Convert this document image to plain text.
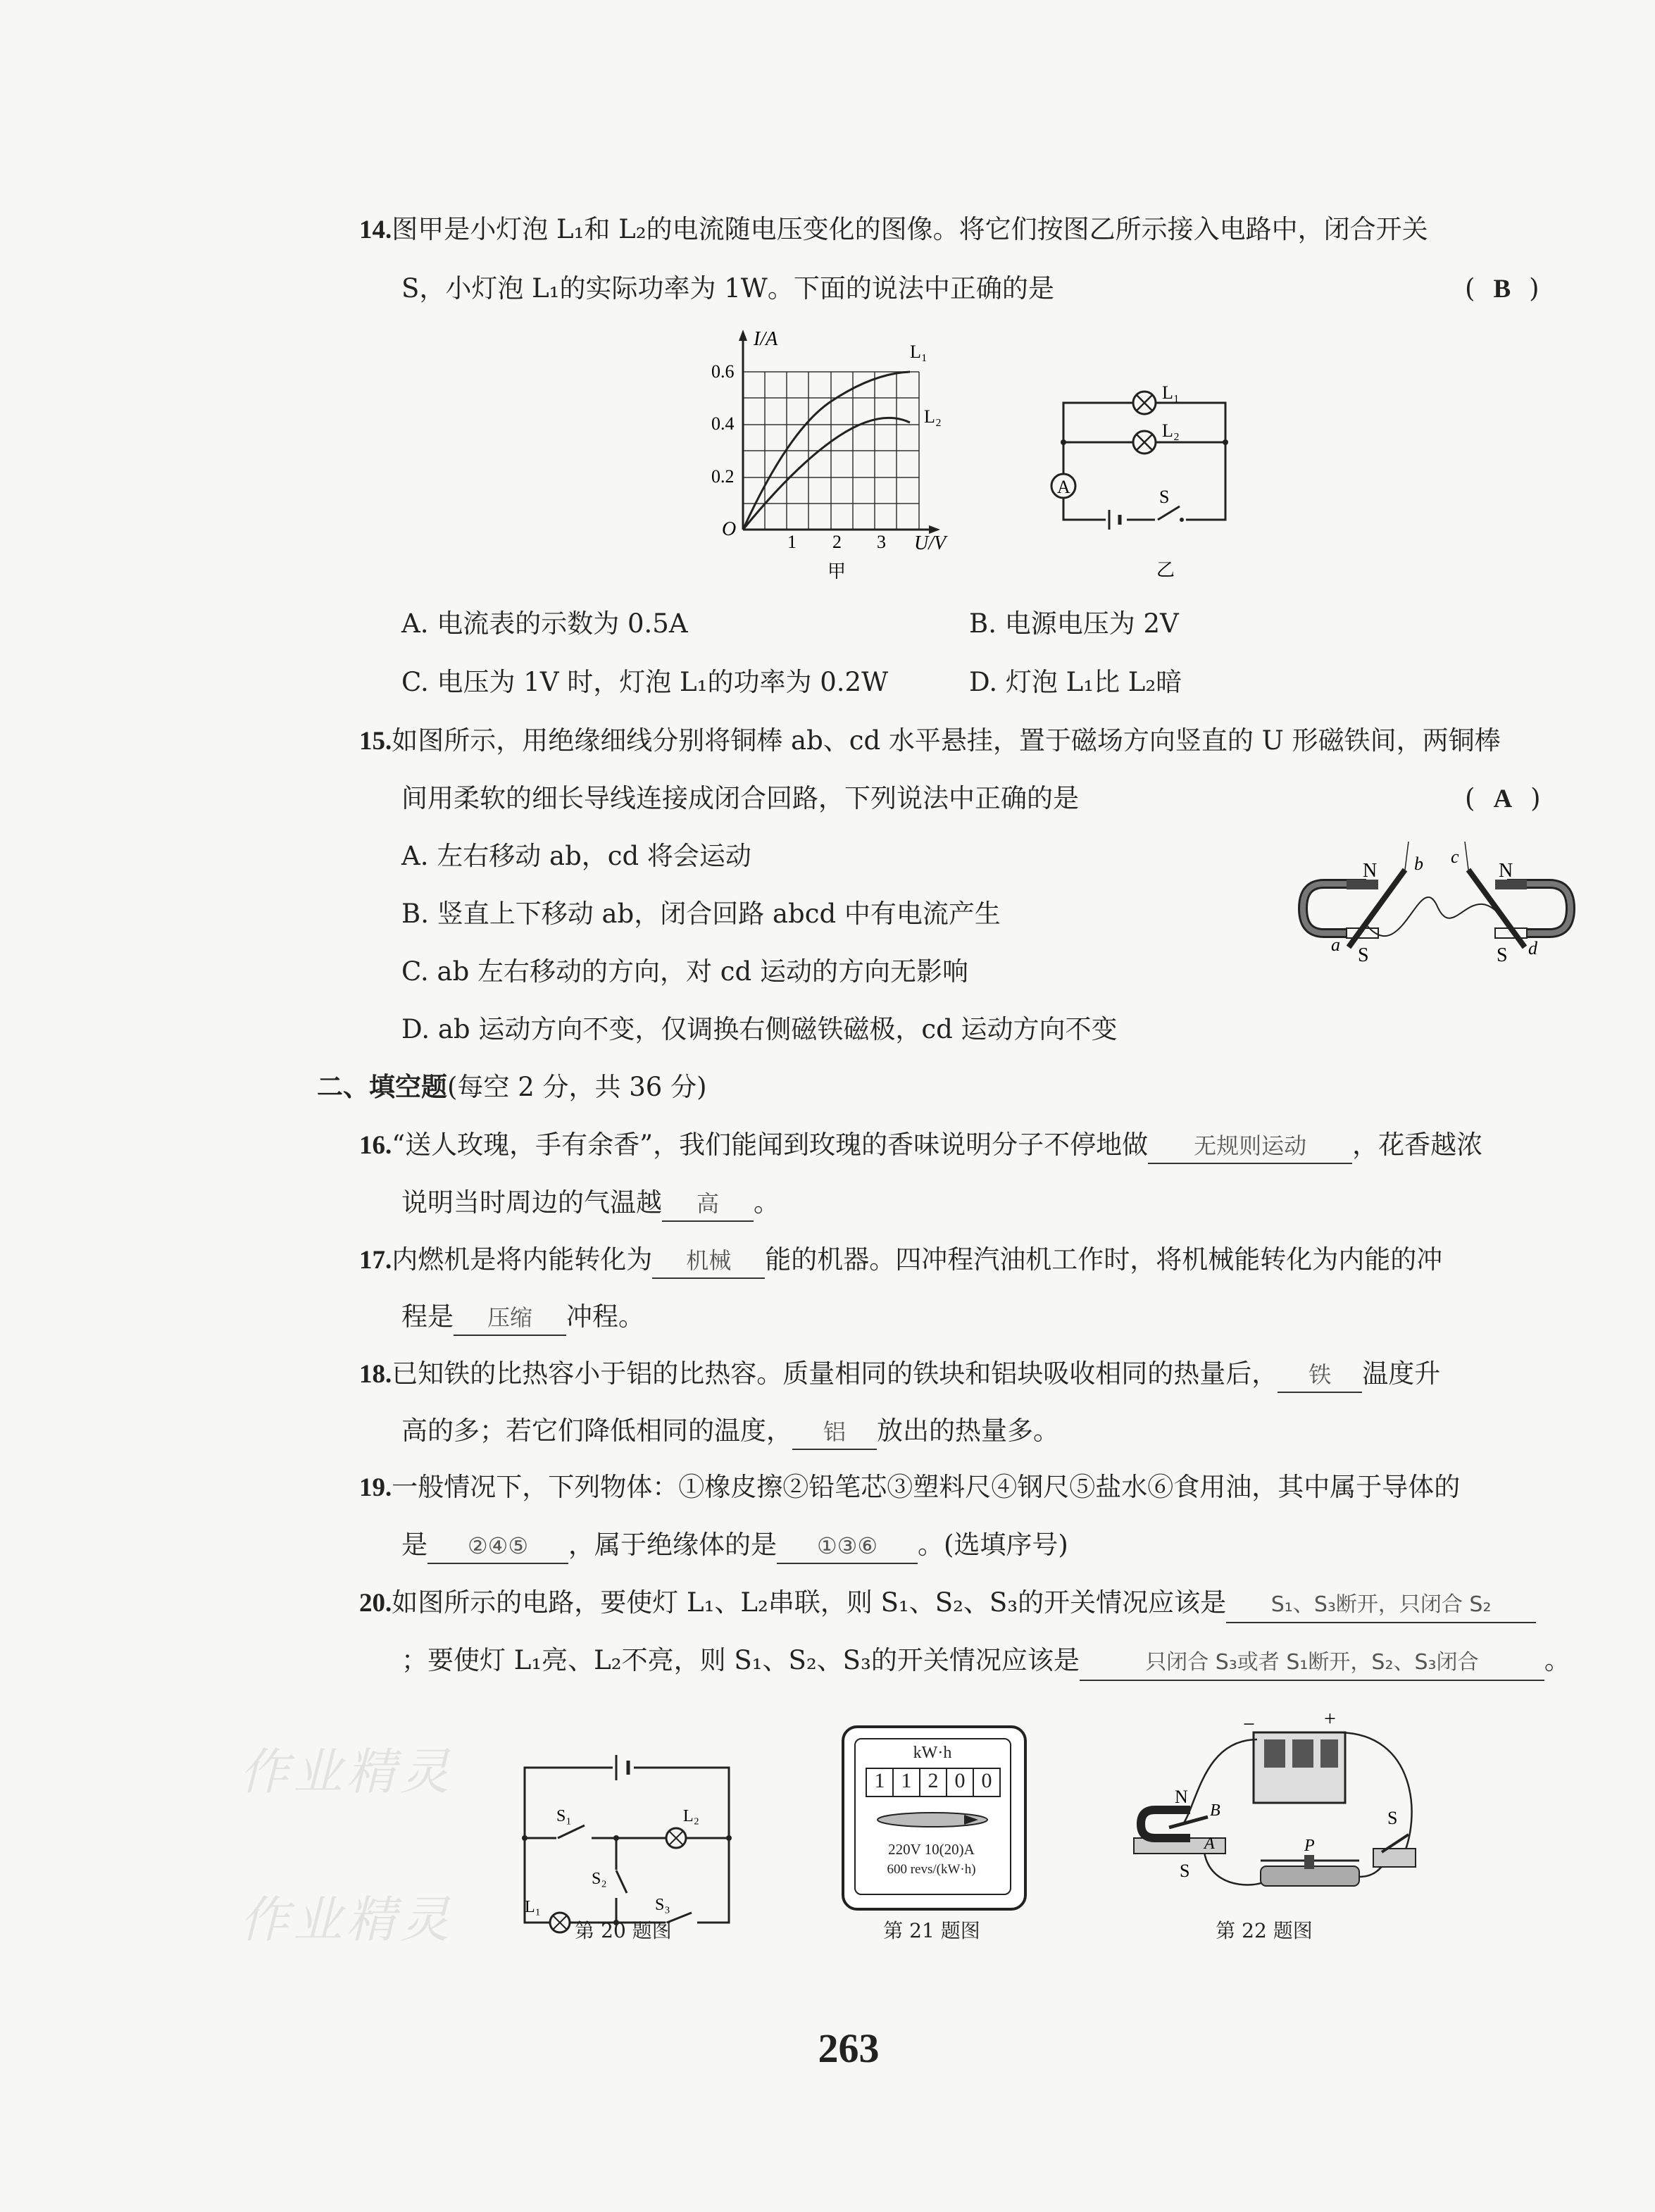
作业精灵
作业精灵
14.图甲是小灯泡 L₁和 L₂的电流随电压变化的图像。将它们按图乙所示接入电路中，闭合开关
S，小灯泡 L₁的实际功率为 1W。下面的说法中正确的是	( B )
I/A
0.6
0.4
0.2
O
1 2 3 U/V
L₁
L₂
甲
A
L₁
L₂
S
乙
A. 电流表的示数为 0.5A	B. 电源电压为 2V
C. 电压为 1V 时，灯泡 L₁的功率为 0.2W	D. 灯泡 L₁比 L₂暗
15.如图所示，用绝缘细线分别将铜棒 ab、cd 水平悬挂，置于磁场方向竖直的 U 形磁铁间，两铜棒
间用柔软的细长导线连接成闭合回路，下列说法中正确的是	( A )
A. 左右移动 ab，cd 将会运动
B. 竖直上下移动 ab，闭合回路 abcd 中有电流产生
C. ab 左右移动的方向，对 cd 运动的方向无影响
D. ab 运动方向不变，仅调换右侧磁铁磁极，cd 运动方向不变
N	N
S	S
a
b c
d
二、填空题(每空 2 分，共 36 分)
16.“送人玫瑰，手有余香”，我们能闻到玫瑰的香味说明分子不停地做 无规则运动 ，花香越浓
说明当时周边的气温越 高 。
17.内燃机是将内能转化为 机械 能的机器。四冲程汽油机工作时，将机械能转化为内能的冲
程是 压缩 冲程。
18.已知铁的比热容小于铝的比热容。质量相同的铁块和铝块吸收相同的热量后， 铁 温度升
高的多；若它们降低相同的温度， 铝 放出的热量多。
19.一般情况下，下列物体：①橡皮擦②铅笔芯③塑料尺④钢尺⑤盐水⑥食用油，其中属于导体的
是 ②④⑤ ，属于绝缘体的是 ①③⑥ 。(选填序号)
20.如图所示的电路，要使灯 L₁、L₂串联，则 S₁、S₂、S₃的开关情况应该是 S₁、S₃断开，只闭合 S₂
；要使灯 L₁亮、L₂不亮，则 S₁、S₂、S₃的开关情况应该是	只闭合 S₃或者 S₁断开，S₂、S₃闭合	。
S₁
S₂
S₃
L₁
L₂
第 20 题图
kW·h
1 1 2 0 0
220V 10(20)A
600 revs/(kW·h)
第 21 题图
−	+
N
S
B
A	P
S
第 22 题图
263
